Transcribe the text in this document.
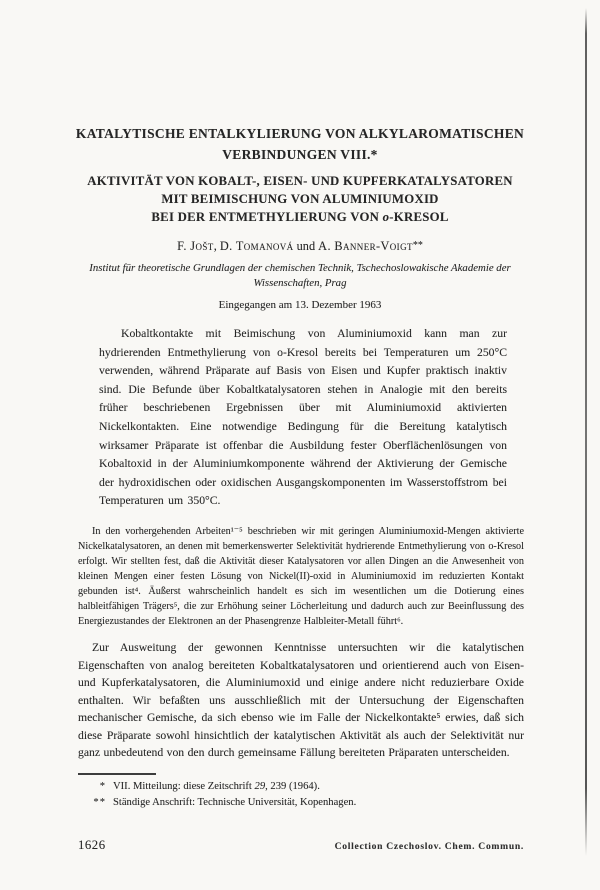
KATALYTISCHE ENTALKYLIERUNG VON ALKYLAROMATISCHEN
VERBINDUNGEN VIII.*
AKTIVITÄT VON KOBALT-, EISEN- UND KUPFERKATALYSATOREN
MIT BEIMISCHUNG VON ALUMINIUMOXID
BEI DER ENTMETHYLIERUNG VON o-KRESOL
F. Jošt, D. Tomanová und A. Banner-Voigt**
Institut für theoretische Grundlagen der chemischen Technik, Tschechoslowakische Akademie der
Wissenschaften, Prag
Eingegangen am 13. Dezember 1963

Kobaltkontakte mit Beimischung von Aluminiumoxid kann man zur hydrierenden Entmethylierung von o-Kresol bereits bei Temperaturen um 250°C verwenden, während Präparate auf Basis von Eisen und Kupfer praktisch inaktiv sind. Die Befunde über Kobaltkatalysatoren stehen in Analogie mit den bereits früher beschriebenen Ergebnissen über mit Aluminiumoxid aktivierten Nickelkontakten. Eine notwendige Bedingung für die Bereitung katalytisch wirksamer Präparate ist offenbar die Ausbildung fester Oberflächenlösungen von Kobaltoxid in der Aluminiumkomponente während der Aktivierung der Gemische der hydroxidischen oder oxidischen Ausgangskomponenten im Wasserstoffstrom bei Temperaturen um 350°C.

In den vorhergehenden Arbeiten¹⁻⁵ beschrieben wir mit geringen Aluminiumoxid-Mengen aktivierte Nickelkatalysatoren, an denen mit bemerkenswerter Selektivität hydrierende Entmethylierung von o-Kresol erfolgt. Wir stellten fest, daß die Aktivität dieser Katalysatoren vor allen Dingen an die Anwesenheit von kleinen Mengen einer festen Lösung von Nickel(II)-oxid in Aluminiumoxid im reduzierten Kontakt gebunden ist⁴. Äußerst wahrscheinlich handelt es sich im wesentlichen um die Dotierung eines halbleitfähigen Trägers⁵, die zur Erhöhung seiner Löcherleitung und dadurch auch zur Beeinflussung des Energiezustandes der Elektronen an der Phasengrenze Halbleiter-Metall führt⁶.

Zur Ausweitung der gewonnen Kenntnisse untersuchten wir die katalytischen Eigenschaften von analog bereiteten Kobaltkatalysatoren und orientierend auch von Eisen- und Kupferkatalysatoren, die Aluminiumoxid und einige andere nicht reduzierbare Oxide enthalten. Wir befaßten uns ausschließlich mit der Untersuchung der Eigenschaften mechanischer Gemische, da sich ebenso wie im Falle der Nickelkontakte⁵ erwies, daß sich diese Präparate sowohl hinsichtlich der katalytischen Aktivität als auch der Selektivität nur ganz unbedeutend von den durch gemeinsame Fällung bereiteten Präparaten unterscheiden.

* VII. Mitteilung: diese Zeitschrift 29, 239 (1964).
** Ständige Anschrift: Technische Universität, Kopenhagen.
1626	Collection Czechoslov. Chem. Commun.
